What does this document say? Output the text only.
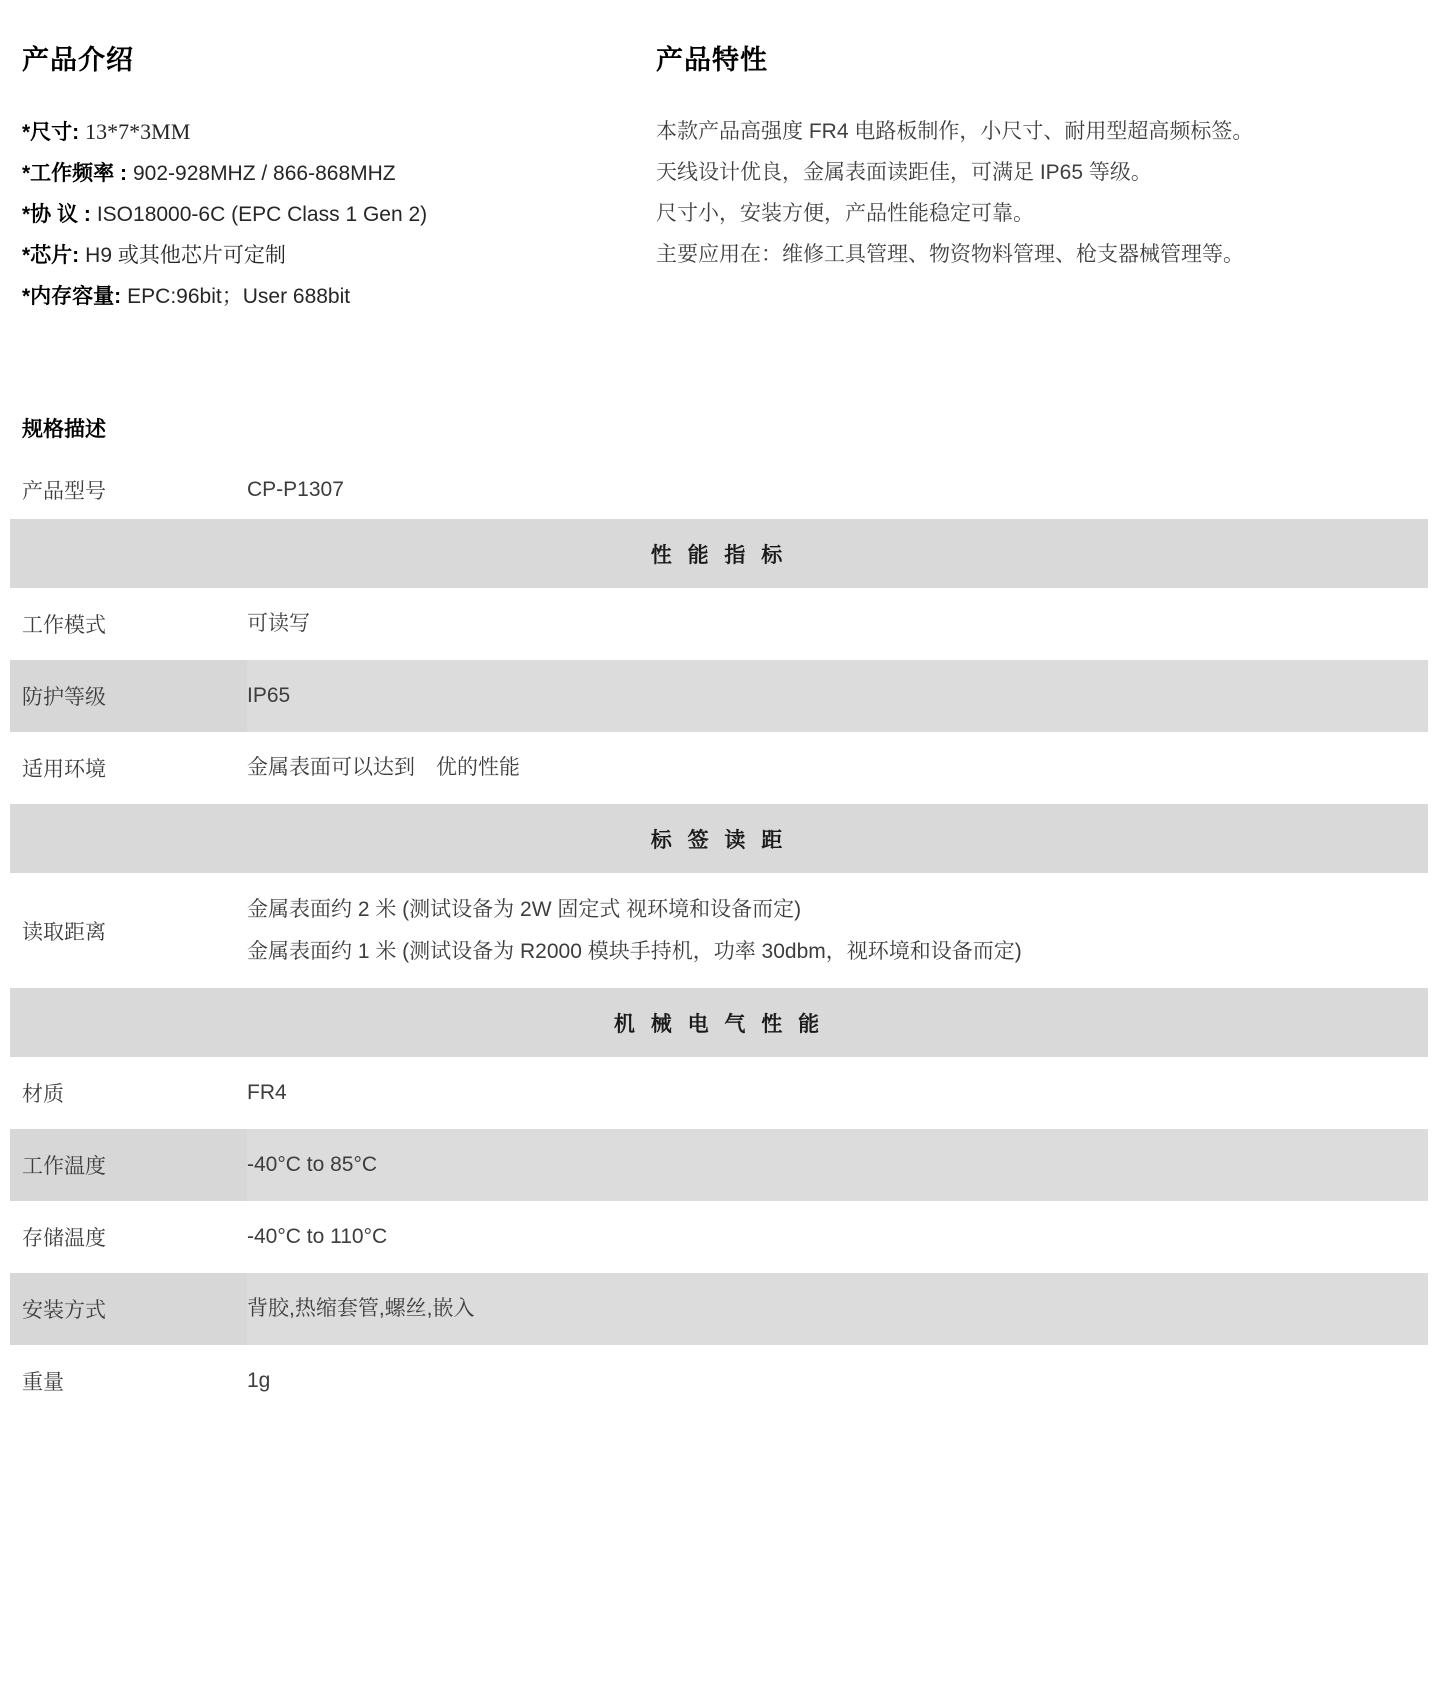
产品介绍
*尺寸: 13*7*3MM
*工作频率 : 902-928MHZ / 866-868MHZ
*协 议 : ISO18000-6C (EPC Class 1 Gen 2)
*芯片: H9 或其他芯片可定制
*内存容量: EPC:96bit；User 688bit
产品特性
本款产品高强度 FR4 电路板制作，小尺寸、耐用型超高频标签。
天线设计优良，金属表面读距佳，可满足 IP65 等级。
尺寸小，安装方便，产品性能稳定可靠。
主要应用在：维修工具管理、物资物料管理、枪支器械管理等。
规格描述
产品型号	CP-P1307
性 能 指 标
工作模式	可读写
防护等级	IP65
适用环境	金属表面可以达到　优的性能
标 签 读 距
读取距离
金属表面约 2 米 (测试设备为 2W 固定式 视环境和设备而定)
金属表面约 1 米 (测试设备为 R2000 模块手持机，功率 30dbm，视环境和设备而定)
机 械 电 气 性 能
材质	FR4
工作温度	-40°C to 85°C
存储温度	-40°C to 110°C
安装方式	背胶,热缩套管,螺丝,嵌入
重量	1g
